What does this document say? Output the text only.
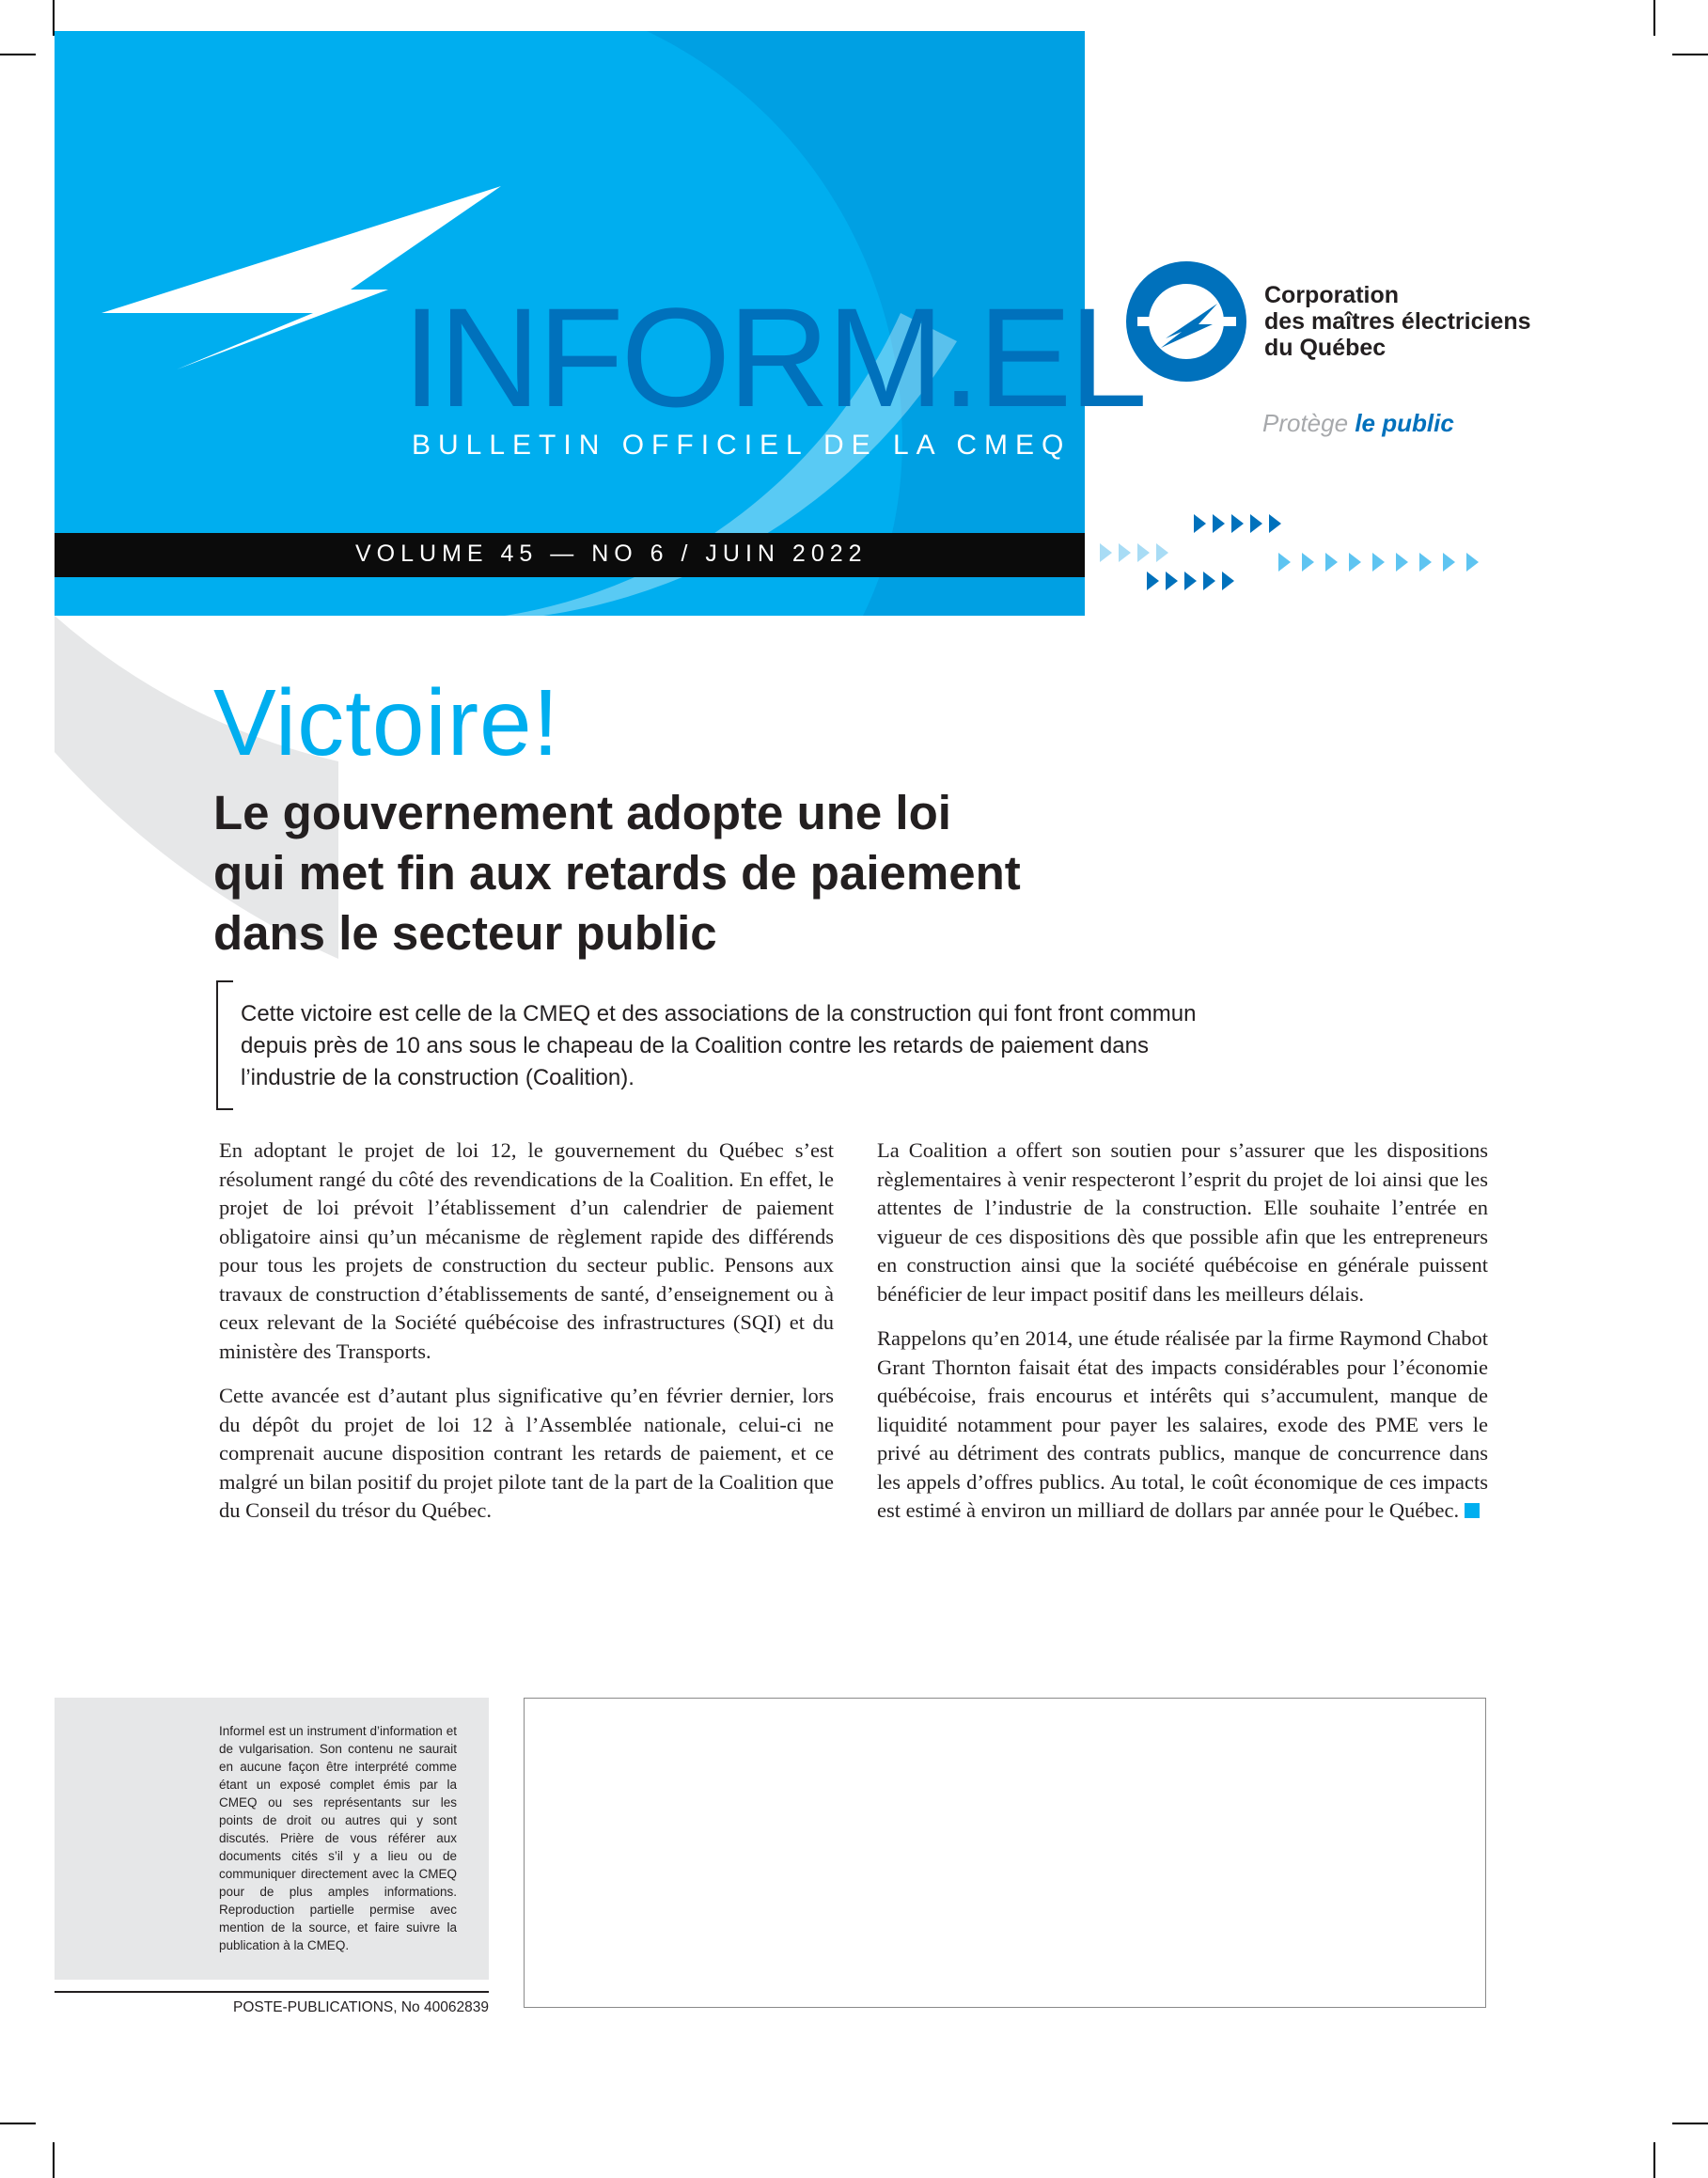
INFORM.EL
BULLETIN OFFICIEL DE LA CMEQ
VOLUME 45 — NO 6 / JUIN 2022
Corporation
des maîtres électriciens
du Québec
Protège le public
Victoire!
Le gouvernement adopte une loi
qui met fin aux retards de paiement
dans le secteur public
Cette victoire est celle de la CMEQ et des associations de la construction qui font front commun
depuis près de 10 ans sous le chapeau de la Coalition contre les retards de paiement dans
l’industrie de la construction (Coalition).

En adoptant le projet de loi 12, le gouvernement du Québec s’est résolument rangé du côté des revendications de la Coalition. En effet, le projet de loi prévoit l’établissement d’un calendrier de paiement obligatoire ainsi qu’un mécanisme de règlement rapide des différends pour tous les projets de construction du secteur public. Pensons aux travaux de construction d’établissements de santé, d’enseignement ou à ceux relevant de la Société québécoise des infrastructures (SQI) et du ministère des Transports.

Cette avancée est d’autant plus significative qu’en février dernier, lors du dépôt du projet de loi 12 à l’Assemblée nationale, celui-ci ne comprenait aucune disposition contrant les retards de paiement, et ce malgré un bilan positif du projet pilote tant de la part de la Coalition que du Conseil du trésor du Québec.

La Coalition a offert son soutien pour s’assurer que les dispositions règlementaires à venir respecteront l’esprit du projet de loi ainsi que les attentes de l’industrie de la construction. Elle souhaite l’entrée en vigueur de ces dispositions dès que possible afin que les entrepreneurs en construction ainsi que la société québécoise en générale puissent bénéficier de leur impact positif dans les meilleurs délais.

Rappelons qu’en 2014, une étude réalisée par la firme Raymond Chabot Grant Thornton faisait état des impacts considérables pour l’économie québécoise, frais encourus et intérêts qui s’accumulent, manque de liquidité notamment pour payer les salaires, exode des PME vers le privé au détriment des contrats publics, manque de concurrence dans les appels d’offres publics. Au total, le coût économique de ces impacts est estimé à environ un milliard de dollars par année pour le Québec.

Informel est un instrument d’information et de vulgarisation. Son contenu ne saurait en aucune façon être interprété comme étant un exposé complet émis par la CMEQ ou ses représentants sur les points de droit ou autres qui y sont discutés. Prière de vous référer aux documents cités s’il y a lieu ou de communiquer directement avec la CMEQ pour de plus amples informations. Reproduction partielle permise avec mention de la source, et faire suivre la publication à la CMEQ.
POSTE-PUBLICATIONS, No 40062839
